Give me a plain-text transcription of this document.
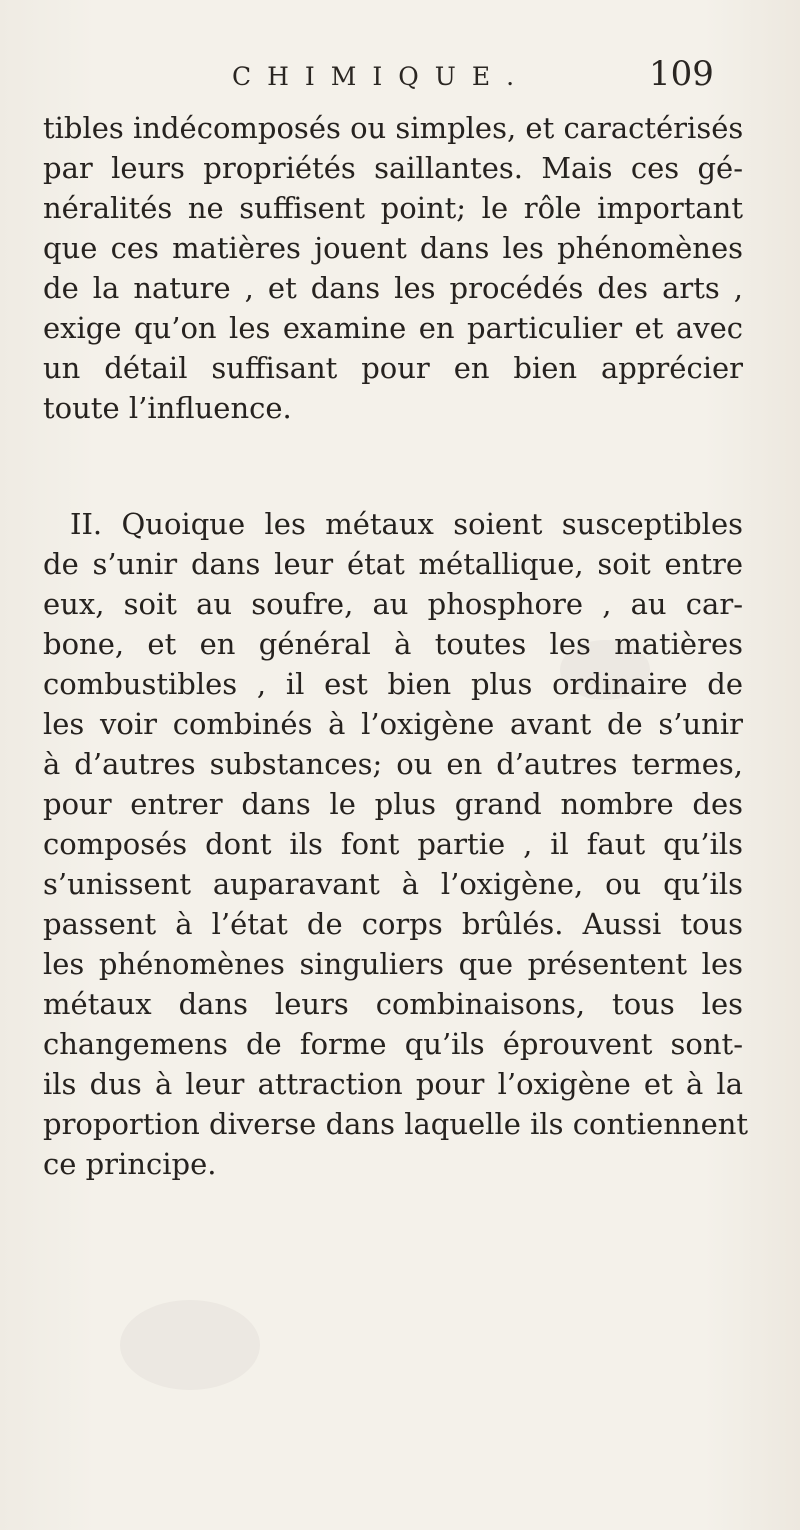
CHIMIQUE.	109
tibles indécomposés ou simples, et caractérisés
par leurs propriétés saillantes. Mais ces gé-
néralités ne suffisent point; le rôle important
que ces matières jouent dans les phénomènes
de la nature , et dans les procédés des arts ,
exige qu’on les examine en particulier et avec
un détail suffisant pour en bien apprécier
toute l’influence.
II. Quoique les métaux soient susceptibles
de s’unir dans leur état métallique, soit entre
eux, soit au soufre, au phosphore , au car-
bone, et en général à toutes les matières
combustibles , il est bien plus ordinaire de
les voir combinés à l’oxigène avant de s’unir
à d’autres substances; ou en d’autres termes,
pour entrer dans le plus grand nombre des
composés dont ils font partie , il faut qu’ils
s’unissent auparavant à l’oxigène, ou qu’ils
passent à l’état de corps brûlés. Aussi tous
les phénomènes singuliers que présentent les
métaux dans leurs combinaisons, tous les
changemens de forme qu’ils éprouvent sont-
ils dus à leur attraction pour l’oxigène et à la
proportion diverse dans laquelle ils contiennent
ce principe.
